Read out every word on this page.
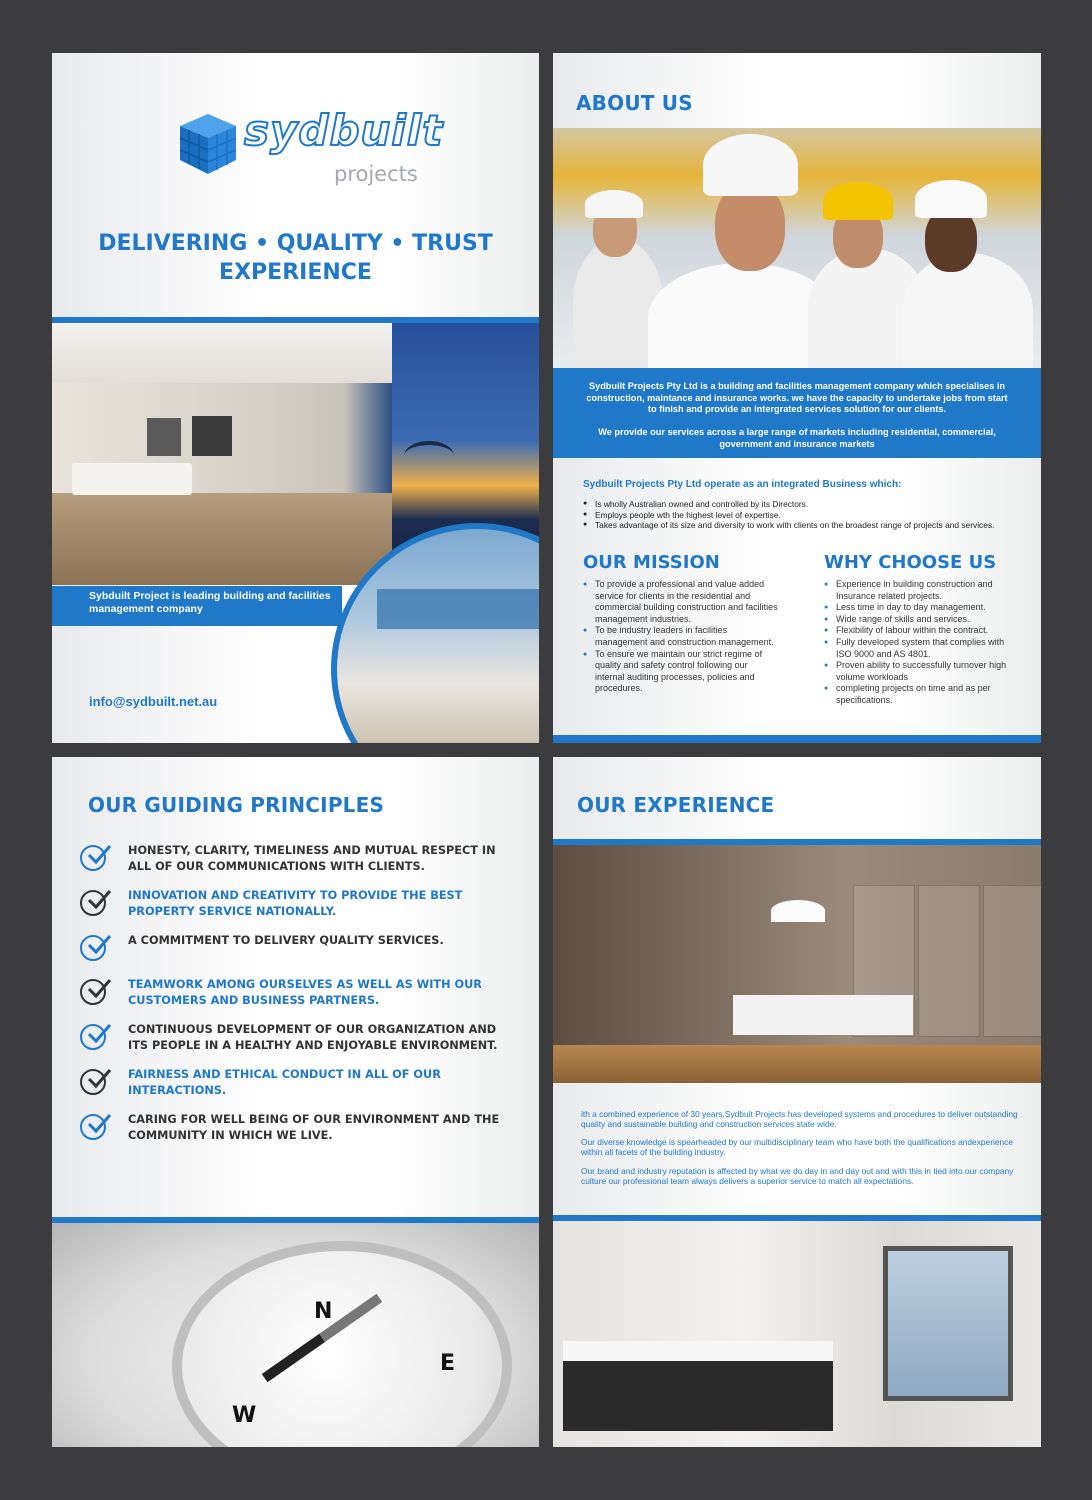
sydbuilt
projects
DELIVERING • QUALITY • TRUST
EXPERIENCE
Sybduilt Project is leading building and facilities management company
info@sydbuilt.net.au
ABOUT US
Sydbuilt Projects Pty Ltd is a building and facilities management company which specialises in construction, maintance and insurance works. we have the capacity to undertake jobs from start to finish and provide an intergrated services solution for our clients.
We provide our services across a large range of markets including residential, commercial, government and insurance markets
Sydbuilt Projects Pty Ltd operate as an integrated Business which:
● Is wholly Australian owned and controlled by its Directors.
● Employs people wth the highest level of expertise.
● Takes advantage of its size and diversity to work with clients on the broadest range of projects and services.
OUR MISSION
● To provide a professional and value added service for clients in the residential and commercial building construction and facilities management industries.
● To be industry leaders in facilities management and construction management.
● To ensure we maintain our strict regime of quality and safety control following our internal auditing processes, policies and procedures.
WHY CHOOSE US
● Experience in building construction and Insurance related projects.
● Less time in day to day management.
● Wide range of skills and services.
● Flexibility of labour within the contract.
● Fully developed system that complies with ISO 9000 and AS 4801.
● Proven ability to successfully turnover high volume workloads
● completing projects on time and as per specifications.
OUR GUIDING PRINCIPLES
HONESTY, CLARITY, TIMELINESS AND MUTUAL RESPECT IN ALL OF OUR COMMUNICATIONS WITH CLIENTS.
INNOVATION AND CREATIVITY TO PROVIDE THE BEST PROPERTY SERVICE NATIONALLY.
A COMMITMENT TO DELIVERY QUALITY SERVICES.
TEAMWORK AMONG OURSELVES AS WELL AS WITH OUR CUSTOMERS AND BUSINESS PARTNERS.
CONTINUOUS DEVELOPMENT OF OUR ORGANIZATION AND ITS PEOPLE IN A HEALTHY AND ENJOYABLE ENVIRONMENT.
FAIRNESS AND ETHICAL CONDUCT IN ALL OF OUR INTERACTIONS.
CARING FOR WELL BEING OF OUR ENVIRONMENT AND THE COMMUNITY IN WHICH WE LIVE.
N
E
W
OUR EXPERIENCE
ith a combined experience of 30 years,Sydbuit Projects has developed systems and procedures to deliver outstanding quality and sustainable building and construction services state wide.
Our diverse knowledge is spearheaded by our multidisciplinary team who have both the qualifications andexperience within all facets of the building industry.
Our brand and industry reputation is affected by what we do day in and day out and with this in tied into our company culture our professional team always delivers a superior service to match all expectations.
